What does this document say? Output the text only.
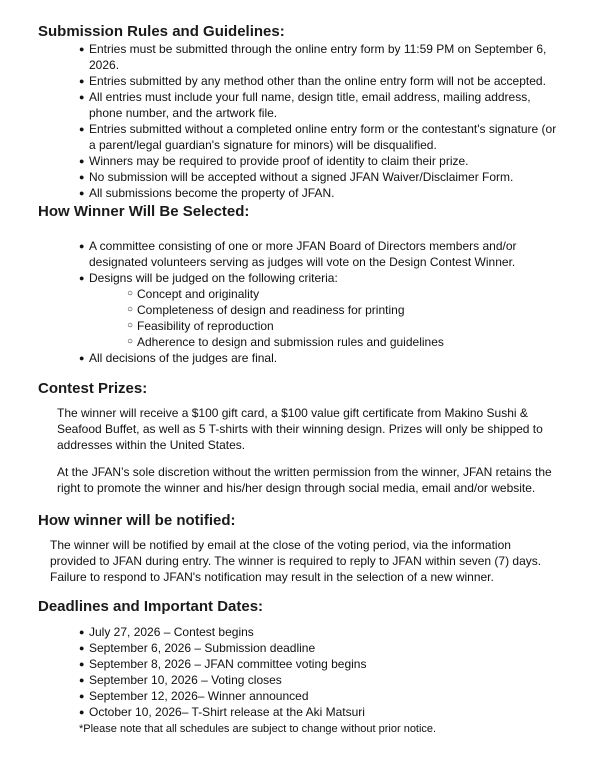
Submission Rules and Guidelines:
● Entries must be submitted through the online entry form by 11:59 PM on September 6, 2026.
● Entries submitted by any method other than the online entry form will not be accepted.
● All entries must include your full name, design title, email address, mailing address, phone number, and the artwork file.
● Entries submitted without a completed online entry form or the contestant's signature (or a parent/legal guardian's signature for minors) will be disqualified.
● Winners may be required to provide proof of identity to claim their prize.
● No submission will be accepted without a signed JFAN Waiver/Disclaimer Form.
● All submissions become the property of JFAN.
How Winner Will Be Selected:
● A committee consisting of one or more JFAN Board of Directors members and/or designated volunteers serving as judges will vote on the Design Contest Winner.
● Designs will be judged on the following criteria:
○ Concept and originality
○ Completeness of design and readiness for printing
○ Feasibility of reproduction
○ Adherence to design and submission rules and guidelines
● All decisions of the judges are final.
Contest Prizes:

The winner will receive a $100 gift card, a $100 value gift certificate from Makino Sushi & Seafood Buffet, as well as 5 T-shirts with their winning design. Prizes will only be shipped to addresses within the United States.

At the JFAN’s sole discretion without the written permission from the winner, JFAN retains the right to promote the winner and his/her design through social media, email and/or website.

How winner will be notified:

The winner will be notified by email at the close of the voting period, via the information provided to JFAN during entry. The winner is required to reply to JFAN within seven (7) days. Failure to respond to JFAN's notification may result in the selection of a new winner.

Deadlines and Important Dates:
● July 27, 2026 – Contest begins
● September 6, 2026 – Submission deadline
● September 8, 2026 – JFAN committee voting begins
● September 10, 2026 – Voting closes
● September 12, 2026– Winner announced
● October 10, 2026– T-Shirt release at the Aki Matsuri
*Please note that all schedules are subject to change without prior notice.
